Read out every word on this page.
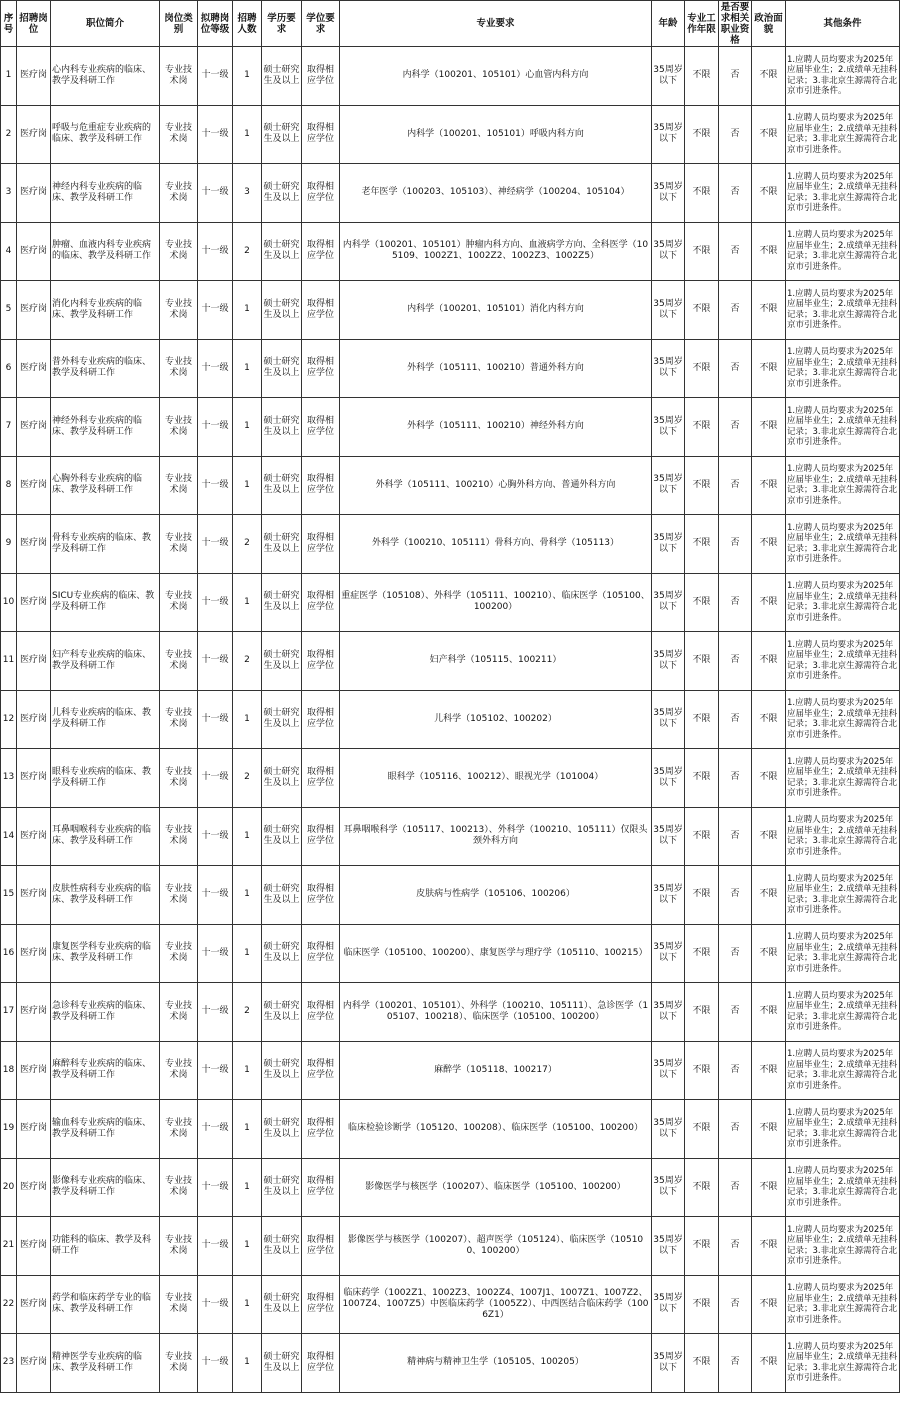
序号	招聘岗位	职位简介	岗位类别	拟聘岗位等级	招聘人数	学历要求	学位要求	专业要求	年龄	专业工作年限	是否要求相关职业资格	政治面貌	其他条件
1	医疗岗	心内科专业疾病的临床、教学及科研工作	专业技术岗	十一级	1	硕士研究生及以上	取得相应学位	内科学（100201、105101）心血管内科方向	35周岁以下	不限	否	不限	1.应聘人员均要求为2025年应届毕业生；2.成绩单无挂科记录；3.非北京生源需符合北京市引进条件。
2	医疗岗	呼吸与危重症专业疾病的临床、教学及科研工作	专业技术岗	十一级	1	硕士研究生及以上	取得相应学位	内科学（100201、105101）呼吸内科方向	35周岁以下	不限	否	不限	1.应聘人员均要求为2025年应届毕业生；2.成绩单无挂科记录；3.非北京生源需符合北京市引进条件。
3	医疗岗	神经内科专业疾病的临床、教学及科研工作	专业技术岗	十一级	3	硕士研究生及以上	取得相应学位	老年医学（100203、105103）、神经病学（100204、105104）	35周岁以下	不限	否	不限	1.应聘人员均要求为2025年应届毕业生；2.成绩单无挂科记录；3.非北京生源需符合北京市引进条件。
4	医疗岗	肿瘤、血液内科专业疾病的临床、教学及科研工作	专业技术岗	十一级	2	硕士研究生及以上	取得相应学位	内科学（100201、105101）肿瘤内科方向、血液病学方向、全科医学（105109、1002Z1、1002Z2、1002Z3、1002Z5）	35周岁以下	不限	否	不限	1.应聘人员均要求为2025年应届毕业生；2.成绩单无挂科记录；3.非北京生源需符合北京市引进条件。
5	医疗岗	消化内科专业疾病的临床、教学及科研工作	专业技术岗	十一级	1	硕士研究生及以上	取得相应学位	内科学（100201、105101）消化内科方向	35周岁以下	不限	否	不限	1.应聘人员均要求为2025年应届毕业生；2.成绩单无挂科记录；3.非北京生源需符合北京市引进条件。
6	医疗岗	普外科专业疾病的临床、教学及科研工作	专业技术岗	十一级	1	硕士研究生及以上	取得相应学位	外科学（105111、100210）普通外科方向	35周岁以下	不限	否	不限	1.应聘人员均要求为2025年应届毕业生；2.成绩单无挂科记录；3.非北京生源需符合北京市引进条件。
7	医疗岗	神经外科专业疾病的临床、教学及科研工作	专业技术岗	十一级	1	硕士研究生及以上	取得相应学位	外科学（105111、100210）神经外科方向	35周岁以下	不限	否	不限	1.应聘人员均要求为2025年应届毕业生；2.成绩单无挂科记录；3.非北京生源需符合北京市引进条件。
8	医疗岗	心胸外科专业疾病的临床、教学及科研工作	专业技术岗	十一级	1	硕士研究生及以上	取得相应学位	外科学（105111、100210）心胸外科方向、普通外科方向	35周岁以下	不限	否	不限	1.应聘人员均要求为2025年应届毕业生；2.成绩单无挂科记录；3.非北京生源需符合北京市引进条件。
9	医疗岗	骨科专业疾病的临床、教学及科研工作	专业技术岗	十一级	2	硕士研究生及以上	取得相应学位	外科学（100210、105111）骨科方向、骨科学（105113）	35周岁以下	不限	否	不限	1.应聘人员均要求为2025年应届毕业生；2.成绩单无挂科记录；3.非北京生源需符合北京市引进条件。
10	医疗岗	SICU专业疾病的临床、教学及科研工作	专业技术岗	十一级	1	硕士研究生及以上	取得相应学位	重症医学（105108）、外科学（105111、100210）、临床医学（105100、100200）	35周岁以下	不限	否	不限	1.应聘人员均要求为2025年应届毕业生；2.成绩单无挂科记录；3.非北京生源需符合北京市引进条件。
11	医疗岗	妇产科专业疾病的临床、教学及科研工作	专业技术岗	十一级	2	硕士研究生及以上	取得相应学位	妇产科学（105115、100211）	35周岁以下	不限	否	不限	1.应聘人员均要求为2025年应届毕业生；2.成绩单无挂科记录；3.非北京生源需符合北京市引进条件。
12	医疗岗	儿科专业疾病的临床、教学及科研工作	专业技术岗	十一级	1	硕士研究生及以上	取得相应学位	儿科学（105102、100202）	35周岁以下	不限	否	不限	1.应聘人员均要求为2025年应届毕业生；2.成绩单无挂科记录；3.非北京生源需符合北京市引进条件。
13	医疗岗	眼科专业疾病的临床、教学及科研工作	专业技术岗	十一级	2	硕士研究生及以上	取得相应学位	眼科学（105116、100212）、眼视光学（101004）	35周岁以下	不限	否	不限	1.应聘人员均要求为2025年应届毕业生；2.成绩单无挂科记录；3.非北京生源需符合北京市引进条件。
14	医疗岗	耳鼻咽喉科专业疾病的临床、教学及科研工作	专业技术岗	十一级	1	硕士研究生及以上	取得相应学位	耳鼻咽喉科学（105117、100213）、外科学（100210、105111）仅限头颈外科方向	35周岁以下	不限	否	不限	1.应聘人员均要求为2025年应届毕业生；2.成绩单无挂科记录；3.非北京生源需符合北京市引进条件。
15	医疗岗	皮肤性病科专业疾病的临床、教学及科研工作	专业技术岗	十一级	1	硕士研究生及以上	取得相应学位	皮肤病与性病学（105106、100206）	35周岁以下	不限	否	不限	1.应聘人员均要求为2025年应届毕业生；2.成绩单无挂科记录；3.非北京生源需符合北京市引进条件。
16	医疗岗	康复医学科专业疾病的临床、教学及科研工作	专业技术岗	十一级	1	硕士研究生及以上	取得相应学位	临床医学（105100、100200）、康复医学与理疗学（105110、100215）	35周岁以下	不限	否	不限	1.应聘人员均要求为2025年应届毕业生；2.成绩单无挂科记录；3.非北京生源需符合北京市引进条件。
17	医疗岗	急诊科专业疾病的临床、教学及科研工作	专业技术岗	十一级	2	硕士研究生及以上	取得相应学位	内科学（100201、105101）、外科学（100210、105111）、急诊医学（105107、100218）、临床医学（105100、100200）	35周岁以下	不限	否	不限	1.应聘人员均要求为2025年应届毕业生；2.成绩单无挂科记录；3.非北京生源需符合北京市引进条件。
18	医疗岗	麻醉科专业疾病的临床、教学及科研工作	专业技术岗	十一级	1	硕士研究生及以上	取得相应学位	麻醉学（105118、100217）	35周岁以下	不限	否	不限	1.应聘人员均要求为2025年应届毕业生；2.成绩单无挂科记录；3.非北京生源需符合北京市引进条件。
19	医疗岗	输血科专业疾病的临床、教学及科研工作	专业技术岗	十一级	1	硕士研究生及以上	取得相应学位	临床检验诊断学（105120、100208）、临床医学（105100、100200）	35周岁以下	不限	否	不限	1.应聘人员均要求为2025年应届毕业生；2.成绩单无挂科记录；3.非北京生源需符合北京市引进条件。
20	医疗岗	影像科专业疾病的临床、教学及科研工作	专业技术岗	十一级	1	硕士研究生及以上	取得相应学位	影像医学与核医学（100207）、临床医学（105100、100200）	35周岁以下	不限	否	不限	1.应聘人员均要求为2025年应届毕业生；2.成绩单无挂科记录；3.非北京生源需符合北京市引进条件。
21	医疗岗	功能科的临床、教学及科研工作	专业技术岗	十一级	1	硕士研究生及以上	取得相应学位	影像医学与核医学（100207）、超声医学（105124）、临床医学（105100、100200）	35周岁以下	不限	否	不限	1.应聘人员均要求为2025年应届毕业生；2.成绩单无挂科记录；3.非北京生源需符合北京市引进条件。
22	医疗岗	药学和临床药学专业的临床、教学及科研工作	专业技术岗	十一级	1	硕士研究生及以上	取得相应学位	临床药学（1002Z1、1002Z3、1002Z4、1007J1、1007Z1、1007Z2、1007Z4、1007Z5）中医临床药学（1005Z2）、中西医结合临床药学（1006Z1）	35周岁以下	不限	否	不限	1.应聘人员均要求为2025年应届毕业生；2.成绩单无挂科记录；3.非北京生源需符合北京市引进条件。
23	医疗岗	精神医学专业疾病的临床、教学及科研工作	专业技术岗	十一级	1	硕士研究生及以上	取得相应学位	精神病与精神卫生学（105105、100205）	35周岁以下	不限	否	不限	1.应聘人员均要求为2025年应届毕业生；2.成绩单无挂科记录；3.非北京生源需符合北京市引进条件。
